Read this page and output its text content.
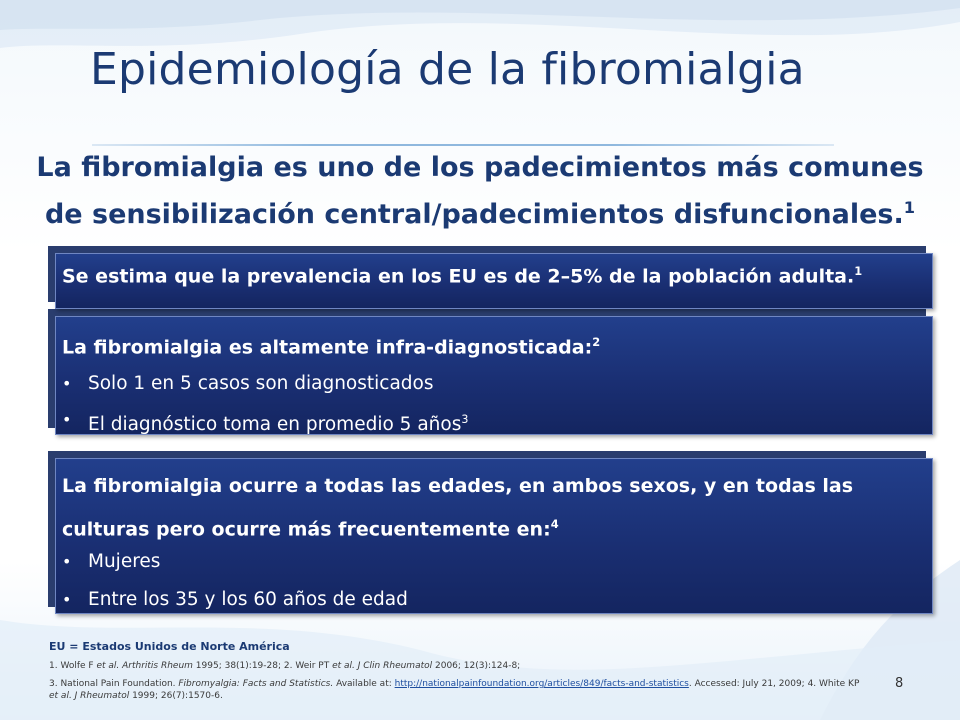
Epidemiología de la fibromialgia

La fibromialgia es uno de los padecimientos más comunes de sensibilización central/padecimientos disfuncionales.$^1$

La fibromialgia es altamente infra-diagnosticada:$^2$
• Solo 1 en 5 casos son diagnosticados
• El diagnóstico toma en promedio 5 años$^3$
Se estima que la prevalencia en los EU es de 2–5% de la población adulta.$^1$
La fibromialgia ocurre a todas las edades, en ambos sexos, y en todas las culturas pero ocurre más frecuentemente en:$^4$
• Mujeres
• Entre los 35 y los 60 años de edad

EU = Estados Unidos de Norte América

1. Wolfe F et al. Arthritis Rheum 1995; 38(1):19-28; 2. Weir PT et al. J Clin Rheumatol 2006; 12(3):124-8;

3. National Pain Foundation. Fibromyalgia: Facts and Statistics. Available at: http://nationalpainfoundation.org/articles/849/facts-and-statistics. Accessed: July 21, 2009; 4. White KP et al. J Rheumatol 1999; 26(7):1570-6.

8
